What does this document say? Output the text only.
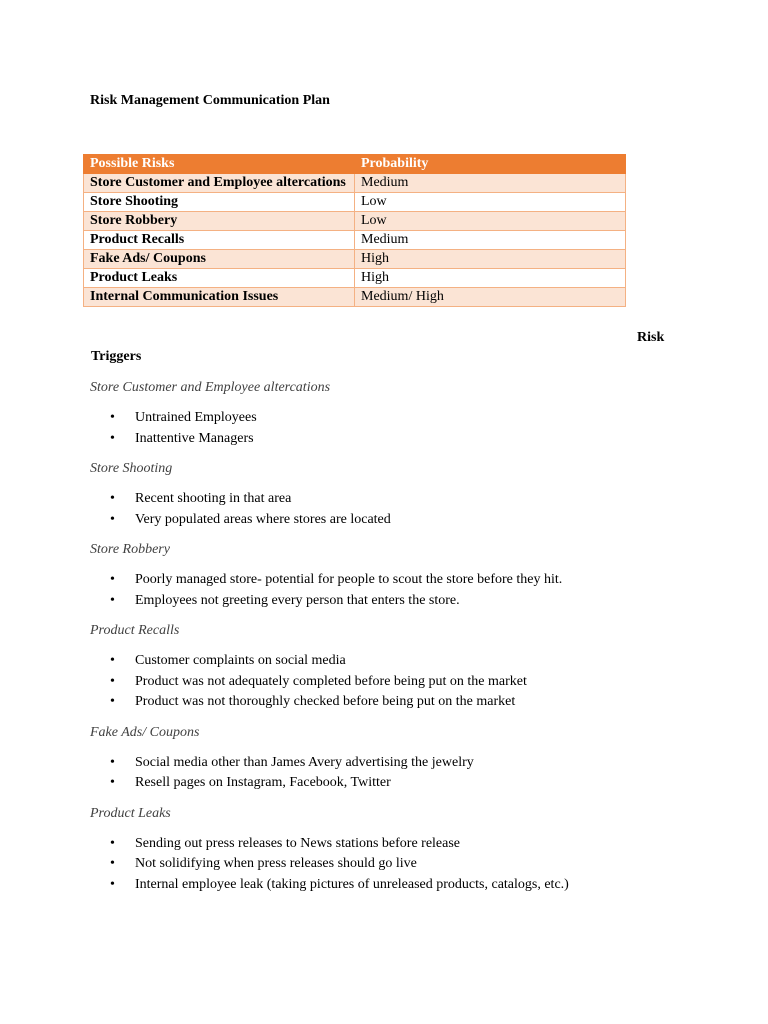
Risk Management Communication Plan
Possible Risks	Probability
Store Customer and Employee altercations	Medium
Store Shooting	Low
Store Robbery	Low
Product Recalls	Medium
Fake Ads/ Coupons	High
Product Leaks	High
Internal Communication Issues	Medium/ High
Risk
Triggers

Store Customer and Employee altercations

• Untrained Employees
• Inattentive Managers

Store Shooting

• Recent shooting in that area
• Very populated areas where stores are located

Store Robbery

• Poorly managed store- potential for people to scout the store before they hit.
• Employees not greeting every person that enters the store.

Product Recalls

• Customer complaints on social media
• Product was not adequately completed before being put on the market
• Product was not thoroughly checked before being put on the market

Fake Ads/ Coupons

• Social media other than James Avery advertising the jewelry
• Resell pages on Instagram, Facebook, Twitter

Product Leaks

• Sending out press releases to News stations before release
• Not solidifying when press releases should go live
• Internal employee leak (taking pictures of unreleased products, catalogs, etc.)
